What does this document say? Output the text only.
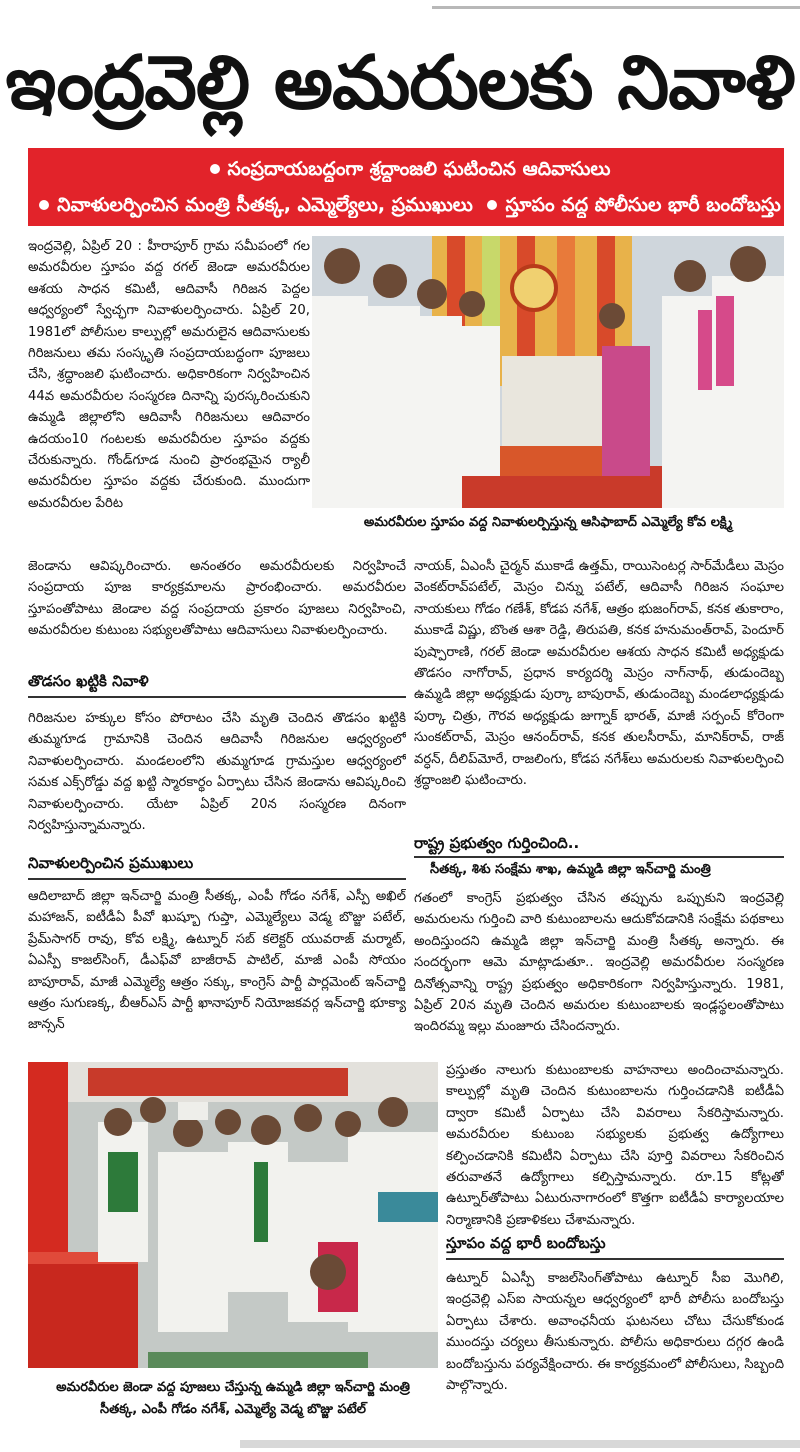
ఇంద్రవెల్లి అమరులకు నివాళి
సంప్రదాయబద్ధంగా శ్రద్ధాంజలి ఘటించిన ఆదివాసులు
నివాళులర్పించిన మంత్రి సీతక్క, ఎమ్మెల్యేలు, ప్రముఖులు స్తూపం వద్ద పోలీసుల భారీ బందోబస్తు
ఇంద్రవెల్లి, ఏప్రిల్ 20 : హీరాపూర్ గ్రామ సమీపంలో గల అమరవీరుల స్తూపం వద్ద రగల్ జెండా అమరవీరుల ఆశయ సాధన కమిటీ, ఆదివాసీ గిరిజన పెద్దల ఆధ్వర్యంలో స్వేచ్ఛగా నివాళులర్పించారు. ఏప్రిల్ 20, 1981లో పోలీసుల కాల్పుల్లో అమరులైన ఆదివాసులకు గిరిజనులు తమ సంస్కృతి సంప్రదాయబద్ధంగా పూజలు చేసి, శ్రద్ధాంజలి ఘటించారు. అధికారికంగా నిర్వహించిన 44వ అమరవీరుల సంస్మరణ దినాన్ని పురస్కరించుకుని ఉమ్మడి జిల్లాలోని ఆదివాసీ గిరిజనులు ఆదివారం ఉదయం10 గంటలకు అమరవీరుల స్తూపం వద్దకు చేరుకున్నారు. గోండ్‌గూడ నుంచి ప్రారంభమైన ర్యాలీ అమరవీరుల స్తూపం వద్దకు చేరుకుంది. ముందుగా అమరవీరుల పేరిట
అమరవీరుల స్తూపం వద్ద నివాళులర్పిస్తున్న ఆసిఫాబాద్ ఎమ్మెల్యే కోవ లక్ష్మి
జెండాను ఆవిష్కరించారు. అనంతరం అమరవీరులకు నిర్వహించే సంప్రదాయ పూజ కార్యక్రమాలను ప్రారంభించారు. అమరవీరుల స్తూపంతోపాటు జెండాల వద్ద సంప్రదాయ ప్రకారం పూజలు నిర్వహించి, అమరవీరుల కుటుంబ సభ్యులతోపాటు ఆదివాసులు నివాళులర్పించారు.
తొడసం ఖట్టికి నివాళి
గిరిజనుల హక్కుల కోసం పోరాటం చేసి మృతి చెందిన తొడసం ఖట్టికి తుమ్మగూడ గ్రామానికి చెందిన ఆదివాసీ గిరిజనుల ఆధ్వర్యంలో నివాళులర్పించారు. మండలంలోని తుమ్మగూడ గ్రామస్తుల ఆధ్వర్యంలో సమక ఎక్స్‌రోడ్డు వద్ద ఖట్టి స్మారకార్థం ఏర్పాటు చేసిన జెండాను ఆవిష్కరించి నివాళులర్పించారు. యేటా ఏప్రిల్ 20న సంస్మరణ దినంగా నిర్వహిస్తున్నామన్నారు.
నివాళులర్పించిన ప్రముఖులు
ఆదిలాబాద్ జిల్లా ఇన్‌చార్జి మంత్రి సీతక్క, ఎంపీ గోడం నగేశ్, ఎస్పీ అఖిల్ మహాజన్, ఐటీడీఏ పీవో ఖుష్బూ గుప్తా, ఎమ్మెల్యేలు వెడ్మ బొజ్జు పటేల్, ప్రేమ్‌సాగర్ రావు, కోవ లక్ష్మి, ఉట్నూర్ సబ్ కలెక్టర్ యువరాజ్ మర్మాట్, ఏఎస్పీ కాజల్‌సింగ్, డీఎఫ్‌వో బాజీరావ్ పాటిల్, మాజీ ఎంపీ సోయం బాపూరావ్, మాజీ ఎమ్మెల్యే ఆత్రం సక్కు, కాంగ్రెస్ పార్టీ పార్లమెంట్ ఇన్‌చార్జి ఆత్రం సుగుణక్క, బీఆర్‌ఎస్ పార్టీ ఖానాపూర్ నియోజకవర్గ ఇన్‌చార్జి భూక్యా జాన్సన్
నాయక్, ఏఎంసీ చైర్మన్ ముకాడే ఉత్తమ్, రాయిసెంటర్ల సార్‌మేడీలు మెస్రం వెంకట్‌రావ్‌పటేల్, మెస్రం చిన్ను పటేల్, ఆదివాసీ గిరిజన సంఘాల నాయకులు గోడం గణేశ్, కోడప నగేశ్, ఆత్రం భుజంగ్‌రావ్, కనక తుకారాం, ముకాడే విష్ణు, బొంత ఆశా రెడ్డి, తిరుపతి, కనక హనుమంత్‌రావ్, పెందూర్ పుష్పారాణి, గరల్ జెండా అమరవీరుల ఆశయ సాధన కమిటీ అధ్యక్షుడు తొడసం నాగోరావ్, ప్రధాన కార్యదర్శి మెస్రం నాగ్‌నాథ్, తుడుందెబ్బ ఉమ్మడి జిల్లా అధ్యక్షుడు పుర్కా బాపురావ్, తుడుందెబ్బ మండలాధ్యక్షుడు పుర్కా చిత్రు, గౌరవ అధ్యక్షుడు జుగ్నాక్ భారత్, మాజీ సర్పంచ్ కోరెంగా సుంకట్‌రావ్, మెస్రం ఆనంద్‌రావ్, కనక తులసీరామ్, మానిక్‌రావ్, రాజ్ వర్ధన్, దీలిప్‌మోరే, రాజలింగు, కోడప నగేశ్‌లు అమరులకు నివాళులర్పించి శ్రద్ధాంజలి ఘటించారు.
రాష్ట్ర ప్రభుత్వం గుర్తించింది..
సీతక్క, శిశు సంక్షేమ శాఖ, ఉమ్మడి జిల్లా ఇన్‌చార్జి మంత్రి
గతంలో కాంగ్రెస్ ప్రభుత్వం చేసిన తప్పును ఒప్పుకుని ఇంద్రవెల్లి అమరులను గుర్తించి వారి కుటుంబాలను ఆదుకోవడానికి సంక్షేమ పథకాలు అందిస్తుందని ఉమ్మడి జిల్లా ఇన్‌చార్జి మంత్రి సీతక్క అన్నారు. ఈ సందర్భంగా ఆమె మాట్లాడుతూ.. ఇంద్రవెల్లి అమరవీరుల సంస్మరణ దినోత్సవాన్ని రాష్ట్ర ప్రభుత్వం అధికారికంగా నిర్వహిస్తున్నారు. 1981, ఏప్రిల్ 20న మృతి చెందిన అమరుల కుటుంబాలకు ఇండ్లస్థలంతోపాటు ఇందిరమ్మ ఇల్లు మంజూరు చేసిందన్నారు.
అమరవీరుల జెండా వద్ద పూజలు చేస్తున్న ఉమ్మడి జిల్లా ఇన్‌చార్జి మంత్రి
సీతక్క, ఎంపీ గోడం నగేశ్, ఎమ్మెల్యే వెడ్మ బొజ్జు పటేల్
ప్రస్తుతం నాలుగు కుటుంబాలకు వాహనాలు అందించామన్నారు. కాల్పుల్లో మృతి చెందిన కుటుంబాలను గుర్తించడానికి ఐటీడీఏ ద్వారా కమిటీ ఏర్పాటు చేసి వివరాలు సేకరిస్తామన్నారు. అమరవీరుల కుటుంబ సభ్యులకు ప్రభుత్వ ఉద్యోగాలు కల్పించడానికి కమిటీని ఏర్పాటు చేసి పూర్తి వివరాలు సేకరించిన తరువాతనే ఉద్యోగాలు కల్పిస్తామన్నారు. రూ.15 కోట్లతో ఉట్నూర్‌తోపాటు ఏటురునాగారంలో కొత్తగా ఐటీడీఏ కార్యాలయాల నిర్మాణానికి ప్రణాళికలు చేశామన్నారు.
స్తూపం వద్ద భారీ బందోబస్తు
ఉట్నూర్ ఏఎస్పీ కాజల్‌సింగ్‌తోపాటు ఉట్నూర్ సీఐ మొగిలి, ఇంద్రవెల్లి ఎస్‌ఐ సాయన్నల ఆధ్వర్యంలో భారీ పోలీసు బందోబస్తు ఏర్పాటు చేశారు. అవాంఛనీయ ఘటనలు చోటు చేసుకోకుండ ముందస్తు చర్యలు తీసుకున్నారు. పోలీసు అధికారులు దగ్గర ఉండి బందోబస్తును పర్యవేక్షించారు. ఈ కార్యక్రమంలో పోలీసులు, సిబ్బంది పాల్గొన్నారు.
